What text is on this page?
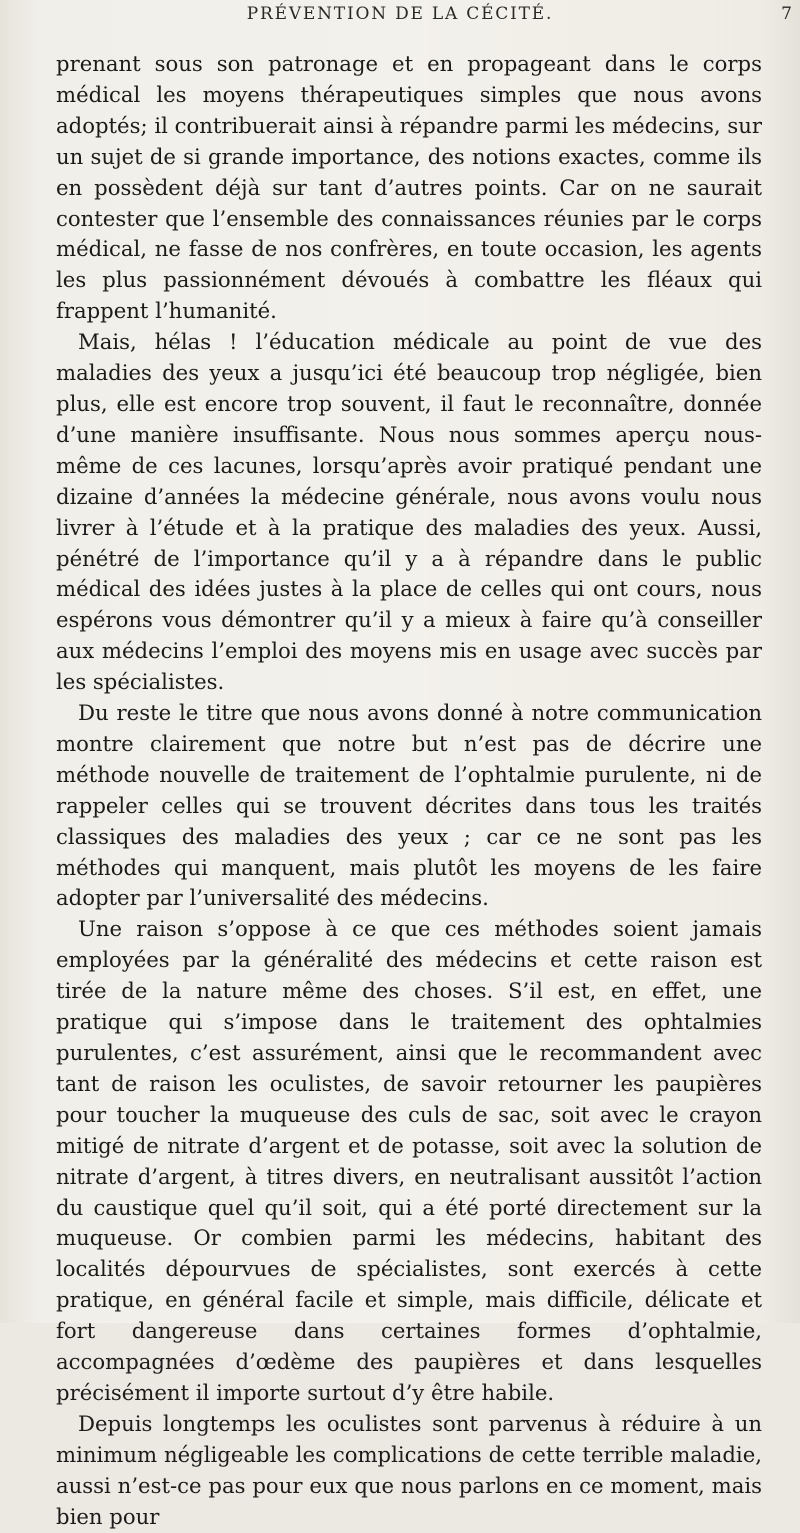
PRÉVENTION DE LA CÉCITÉ.	7

prenant sous son patronage et en propageant dans le corps médical les moyens thérapeutiques simples que nous avons adoptés; il contribuerait ainsi à répandre parmi les médecins, sur un sujet de si grande importance, des notions exactes, comme ils en possèdent déjà sur tant d’autres points. Car on ne saurait contester que l’ensemble des connaissances réunies par le corps médical, ne fasse de nos confrères, en toute occasion, les agents les plus passionnément dévoués à combattre les fléaux qui frappent l’humanité.

Mais, hélas ! l’éducation médicale au point de vue des maladies des yeux a jusqu’ici été beaucoup trop négligée, bien plus, elle est encore trop souvent, il faut le reconnaître, donnée d’une manière insuffisante. Nous nous sommes aperçu nous-même de ces lacunes, lorsqu’après avoir pratiqué pendant une dizaine d’années la médecine générale, nous avons voulu nous livrer à l’étude et à la pratique des maladies des yeux. Aussi, pénétré de l’importance qu’il y a à répandre dans le public médical des idées justes à la place de celles qui ont cours, nous espérons vous démontrer qu’il y a mieux à faire qu’à conseiller aux médecins l’emploi des moyens mis en usage avec succès par les spécialistes.

Du reste le titre que nous avons donné à notre communication montre clairement que notre but n’est pas de décrire une méthode nouvelle de traitement de l’ophtalmie purulente, ni de rappeler celles qui se trouvent décrites dans tous les traités classiques des maladies des yeux ; car ce ne sont pas les méthodes qui manquent, mais plutôt les moyens de les faire adopter par l’universalité des médecins.

Une raison s’oppose à ce que ces méthodes soient jamais employées par la généralité des médecins et cette raison est tirée de la nature même des choses. S’il est, en effet, une pratique qui s’impose dans le traitement des ophtalmies purulentes, c’est assurément, ainsi que le recommandent avec tant de raison les oculistes, de savoir retourner les paupières pour toucher la muqueuse des culs de sac, soit avec le crayon mitigé de nitrate d’argent et de potasse, soit avec la solution de nitrate d’argent, à titres divers, en neutralisant aussitôt l’action du caustique quel qu’il soit, qui a été porté directement sur la muqueuse. Or combien parmi les médecins, habitant des localités dépourvues de spécialistes, sont exercés à cette pratique, en général facile et simple, mais difficile, délicate et fort dangereuse dans certaines formes d’ophtalmie, accompagnées d’œdème des paupières et dans lesquelles précisément il importe surtout d’y être habile.

Depuis longtemps les oculistes sont parvenus à réduire à un minimum négligeable les complications de cette terrible maladie, aussi n’est-ce pas pour eux que nous parlons en ce moment, mais bien pour
